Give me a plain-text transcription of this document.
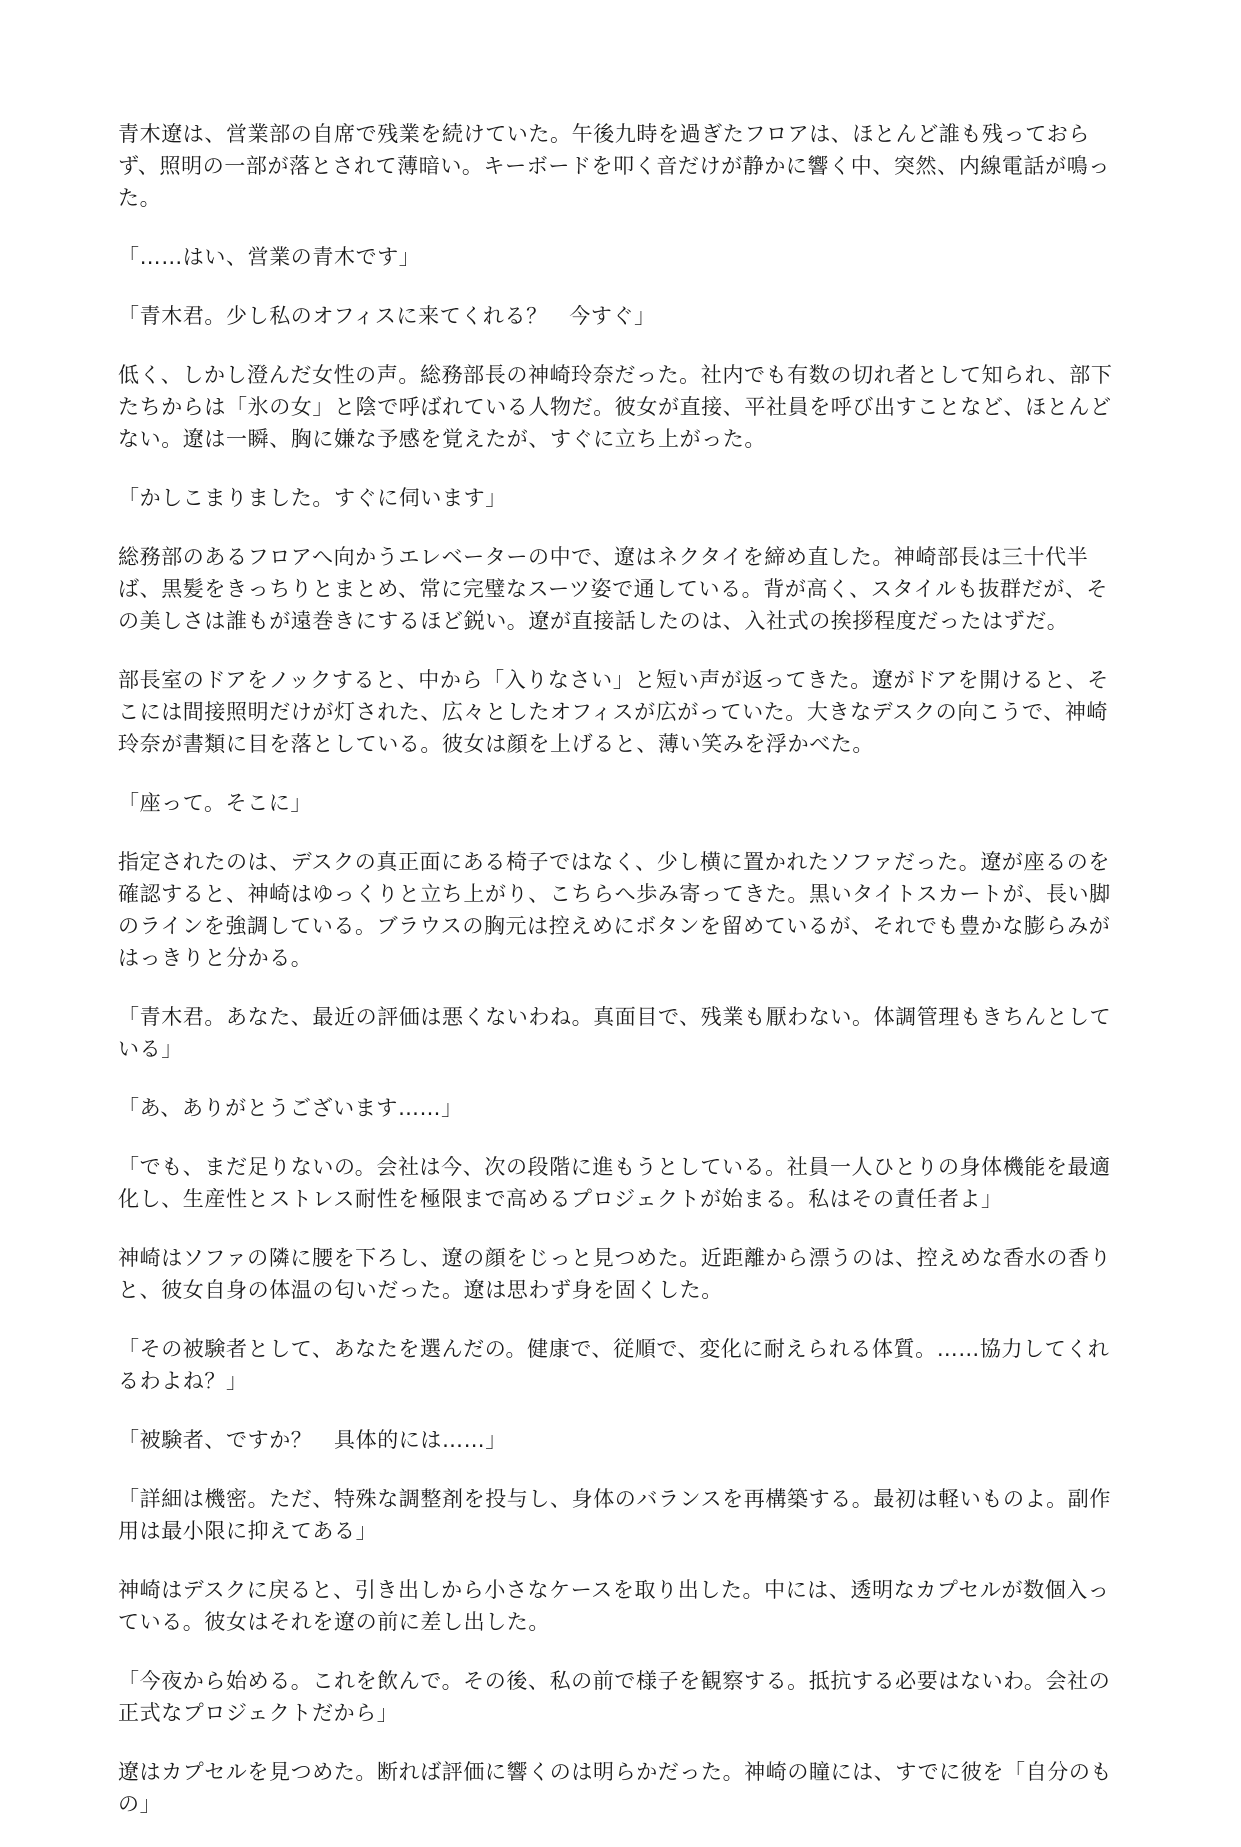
青木遼は、営業部の自席で残業を続けていた。午後九時を過ぎたフロアは、ほとんど誰も残っておらず、照明の一部が落とされて薄暗い。キーボードを叩く音だけが静かに響く中、突然、内線電話が鳴った。

「……はい、営業の青木です」

「青木君。少し私のオフィスに来てくれる？　今すぐ」

低く、しかし澄んだ女性の声。総務部長の神崎玲奈だった。社内でも有数の切れ者として知られ、部下たちからは「氷の女」と陰で呼ばれている人物だ。彼女が直接、平社員を呼び出すことなど、ほとんどない。遼は一瞬、胸に嫌な予感を覚えたが、すぐに立ち上がった。

「かしこまりました。すぐに伺います」

総務部のあるフロアへ向かうエレベーターの中で、遼はネクタイを締め直した。神崎部長は三十代半ば、黒髪をきっちりとまとめ、常に完璧なスーツ姿で通している。背が高く、スタイルも抜群だが、その美しさは誰もが遠巻きにするほど鋭い。遼が直接話したのは、入社式の挨拶程度だったはずだ。

部長室のドアをノックすると、中から「入りなさい」と短い声が返ってきた。遼がドアを開けると、そこには間接照明だけが灯された、広々としたオフィスが広がっていた。大きなデスクの向こうで、神崎玲奈が書類に目を落としている。彼女は顔を上げると、薄い笑みを浮かべた。

「座って。そこに」

指定されたのは、デスクの真正面にある椅子ではなく、少し横に置かれたソファだった。遼が座るのを確認すると、神崎はゆっくりと立ち上がり、こちらへ歩み寄ってきた。黒いタイトスカートが、長い脚のラインを強調している。ブラウスの胸元は控えめにボタンを留めているが、それでも豊かな膨らみがはっきりと分かる。

「青木君。あなた、最近の評価は悪くないわね。真面目で、残業も厭わない。体調管理もきちんとしている」

「あ、ありがとうございます……」

「でも、まだ足りないの。会社は今、次の段階に進もうとしている。社員一人ひとりの身体機能を最適化し、生産性とストレス耐性を極限まで高めるプロジェクトが始まる。私はその責任者よ」

神崎はソファの隣に腰を下ろし、遼の顔をじっと見つめた。近距離から漂うのは、控えめな香水の香りと、彼女自身の体温の匂いだった。遼は思わず身を固くした。

「その被験者として、あなたを選んだの。健康で、従順で、変化に耐えられる体質。……協力してくれるわよね？」

「被験者、ですか？　具体的には……」

「詳細は機密。ただ、特殊な調整剤を投与し、身体のバランスを再構築する。最初は軽いものよ。副作用は最小限に抑えてある」

神崎はデスクに戻ると、引き出しから小さなケースを取り出した。中には、透明なカプセルが数個入っている。彼女はそれを遼の前に差し出した。

「今夜から始める。これを飲んで。その後、私の前で様子を観察する。抵抗する必要はないわ。会社の正式なプロジェクトだから」

遼はカプセルを見つめた。断れば評価に響くのは明らかだった。神崎の瞳には、すでに彼を「自分のもの」
